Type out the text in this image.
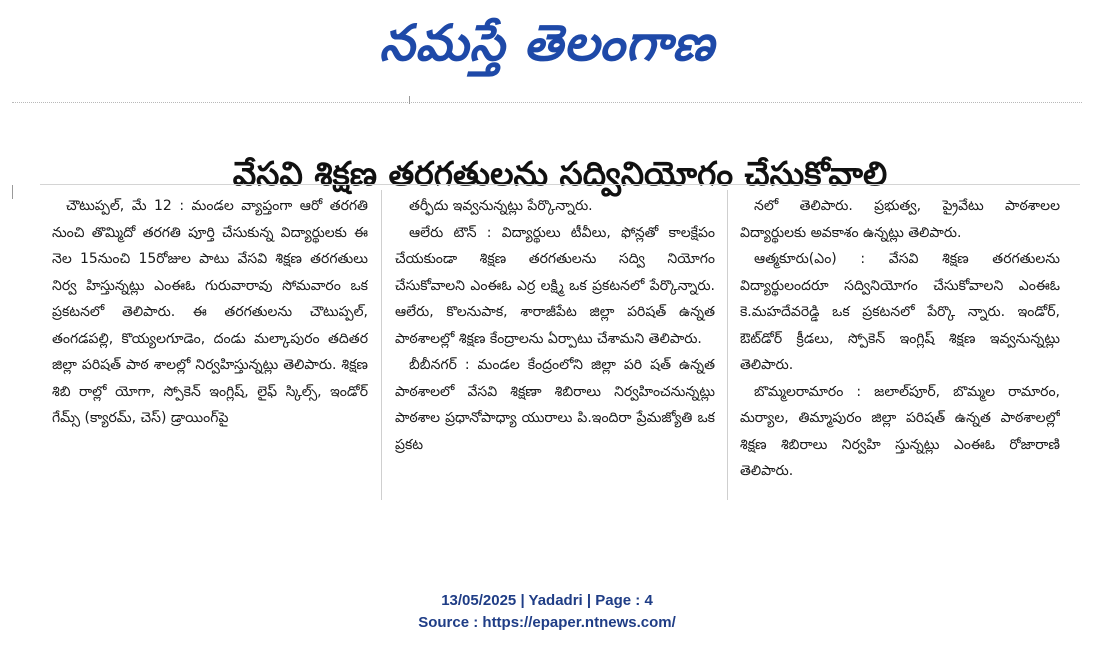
నమస్తే తెలంగాణ
వేసవి శిక్షణ తరగతులను సద్వినియోగం చేసుకోవాలి

చౌటుప్పల్, మే 12 : మండల వ్యాప్తంగా ఆరో తరగతి నుంచి తొమ్మిదో తరగతి పూర్తి చేసుకున్న విద్యార్థులకు ఈ నెల 15నుంచి 15రోజుల పాటు వేసవి శిక్షణ తరగతులు నిర్వ హిస్తున్నట్లు ఎంఈఓ గురువారావు సోమవారం ఒక ప్రకటనలో తెలిపారు. ఈ తరగతులను చౌటుప్పల్, తంగడపల్లి, కొయ్యలగూడెం, దండు మల్కాపురం తదితర జిల్లా పరిషత్ పాఠ శాలల్లో నిర్వహిస్తున్నట్లు తెలిపారు. శిక్షణ శిబి రాల్లో యోగా, స్పోకెన్ ఇంగ్లిష్, లైఫ్ స్కిల్స్, ఇండోర్ గేమ్స్ (క్యారమ్, చెస్) డ్రాయింగ్‌పై

తర్ఫీదు ఇవ్వనున్నట్లు పేర్కొన్నారు.

ఆలేరు టౌన్ : విద్యార్థులు టీవీలు, ఫోన్లతో కాలక్షేపం చేయకుండా శిక్షణ తరగతులను సద్వి నియోగం చేసుకోవాలని ఎంఈఓ ఎర్ర లక్ష్మి ఒక ప్రకటనలో పేర్కొన్నారు. ఆలేరు, కొలనుపాక, శారాజీపేట జిల్లా పరిషత్ ఉన్నత పాఠశాలల్లో శిక్షణ కేంద్రాలను ఏర్పాటు చేశామని తెలిపారు.

బీబీనగర్ : మండల కేంద్రంలోని జిల్లా పరి షత్ ఉన్నత పాఠశాలలో వేసవి శిక్షణా శిబిరాలు నిర్వహించనున్నట్లు పాఠశాల ప్రధానోపాధ్యా యురాలు పి.ఇందిరా ప్రేమజ్యోతి ఒక ప్రకట

నలో తెలిపారు. ప్రభుత్వ, ప్రైవేటు పాఠశాలల విద్యార్థులకు అవకాశం ఉన్నట్లు తెలిపారు.

ఆత్మకూరు(ఎం) : వేసవి శిక్షణ తరగతులను విద్యార్థులందరూ సద్వినియోగం చేసుకోవాలని ఎంఈఓ కె.మహదేవరెడ్డి ఒక ప్రకటనలో పేర్కొ న్నారు. ఇండోర్, ఔట్‌డోర్ క్రీడలు, స్పోకెన్ ఇంగ్లిష్ శిక్షణ ఇవ్వనున్నట్లు తెలిపారు.

బొమ్మలరామారం : జలాల్‌పూర్, బొమ్మల రామారం, మర్యాల, తిమ్మాపురం జిల్లా పరిషత్ ఉన్నత పాఠశాలల్లో శిక్షణ శిబిరాలు నిర్వహి స్తున్నట్లు ఎంఈఓ రోజారాణి తెలిపారు.

13/05/2025 | Yadadri | Page : 4
Source : https://epaper.ntnews.com/
